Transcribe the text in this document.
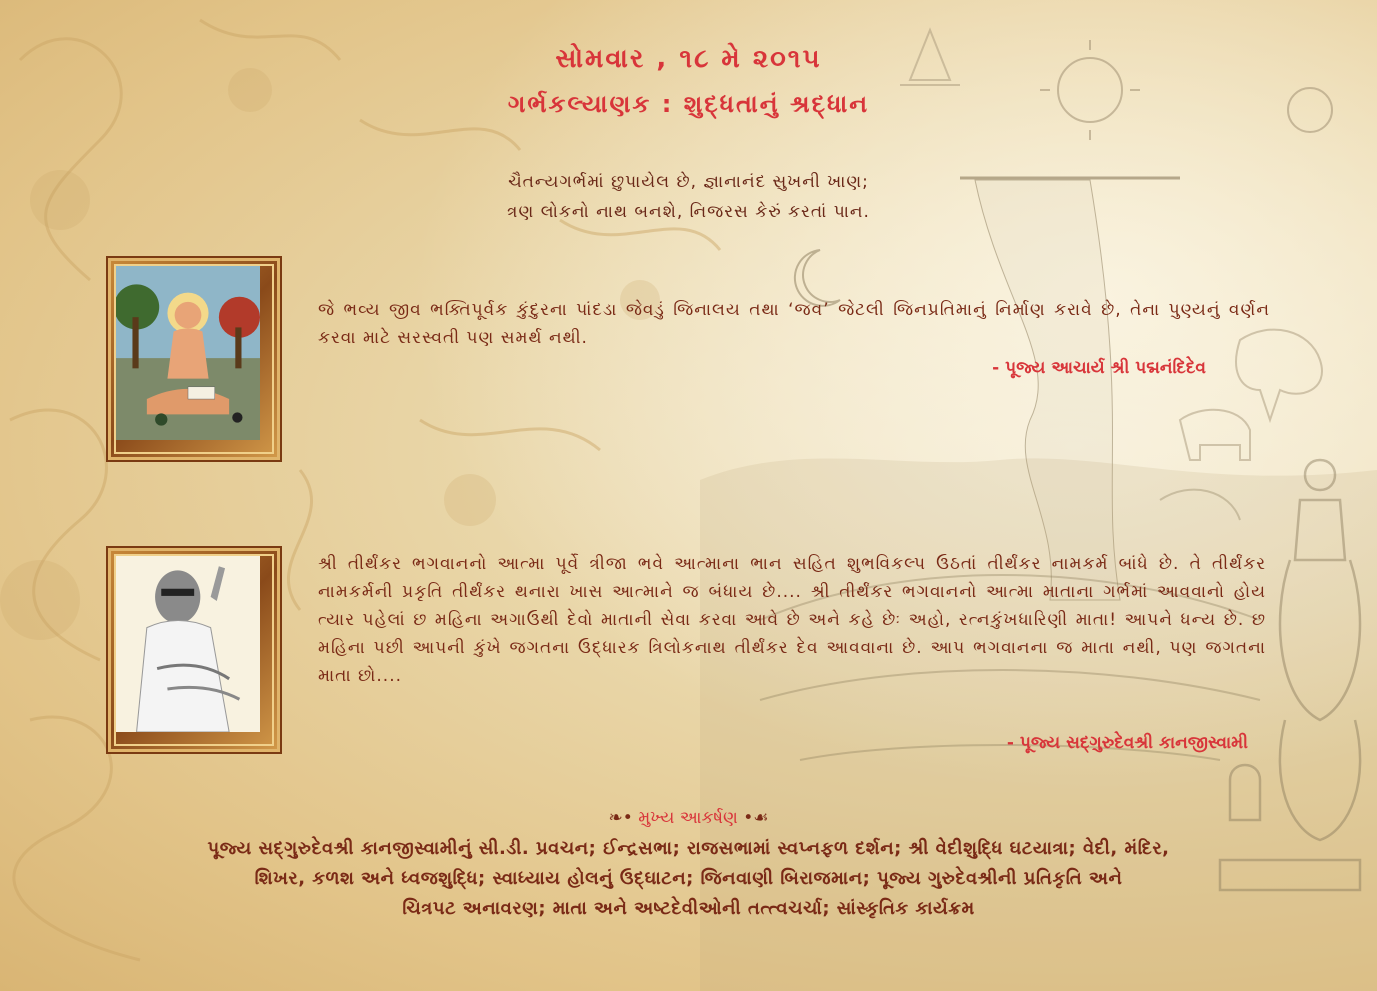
સોમવાર , ૧૮ મે ૨૦૧૫
ગર્ભકલ્યાણક : શુદ્ધતાનું શ્રદ્ધાન
ચૈતન્યગર્ભમાં છુપાયેલ છે, જ્ઞાનાનંદ સુખની ખાણ;
ત્રણ લોકનો નાથ બનશે, નિજરસ કેરું કરતાં પાન.
જે ભવ્ય જીવ ભક્તિપૂર્વક કુંદુરના પાંદડા જેવડું જિનાલય તથા ‘જવ’ જેટલી જિનપ્રતિમાનું નિર્માણ કરાવે છે, તેના પુણ્યનું વર્ણન કરવા માટે સરસ્વતી પણ સમર્થ નથી.
- પૂજ્ય આચાર્ય શ્રી પદ્મનંદિદેવ
શ્રી તીર્થંકર ભગવાનનો આત્મા પૂર્વે ત્રીજા ભવે આત્માના ભાન સહિત શુભવિકલ્પ ઉઠતાં તીર્થંકર નામકર્મ બાંધે છે. તે તીર્થંકર નામકર્મની પ્રકૃતિ તીર્થંકર થનારા ખાસ આત્માને જ બંધાય છે.... શ્રી તીર્થંકર ભગવાનનો આત્મા માતાના ગર્ભમાં આવવાનો હોય ત્યાર પહેલાં છ મહિના અગાઉથી દેવો માતાની સેવા કરવા આવે છે અને કહે છેઃ અહો, રત્નકુંખધારિણી માતા! આપને ધન્ય છે. છ મહિના પછી આપની કુંખે જગતના ઉદ્ધારક ત્રિલોકનાથ તીર્થંકર દેવ આવવાના છે. આપ ભગવાનના જ માતા નથી, પણ જગતના માતા છો....
- પૂજ્ય સદ્ગુરુદેવશ્રી કાનજીસ્વામી
❧• મુખ્ય આકર્ષણ •☙
પૂજ્ય સદ્ગુરુદેવશ્રી કાનજીસ્વામીનું સી.ડી. પ્રવચન; ઈન્દ્રસભા; રાજસભામાં સ્વપ્નફળ દર્શન; શ્રી વેદીશુદ્ધિ ઘટયાત્રા; વેદી, મંદિર,
શિખર, કળશ અને ધ્વજશુદ્ધિ; સ્વાધ્યાય હોલનું ઉદ્ઘાટન; જિનવાણી બિરાજમાન; પૂજ્ય ગુરુદેવશ્રીની પ્રતિકૃતિ અને
ચિત્રપટ અનાવરણ; માતા અને અષ્ટદેવીઓની તત્ત્વચર્ચા; સાંસ્કૃતિક કાર્યક્રમ
